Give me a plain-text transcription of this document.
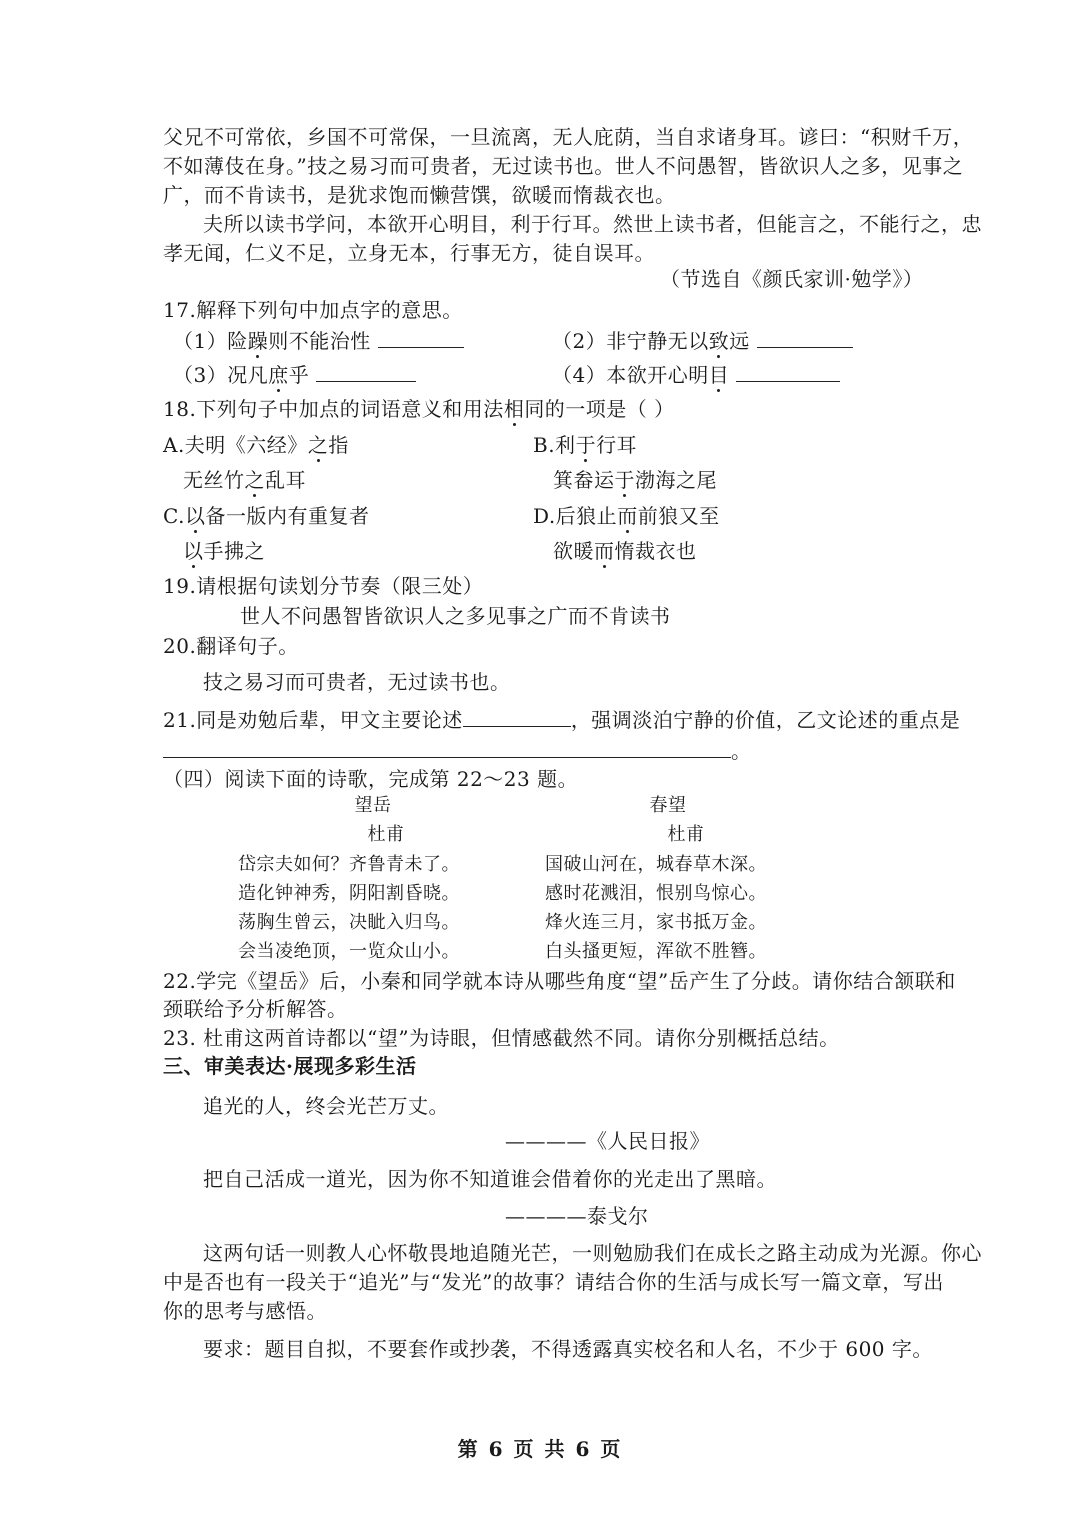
父兄不可常依，乡国不可常保，一旦流离，无人庇荫，当自求诸身耳。谚曰：“积财千万，
不如薄伎在身。”技之易习而可贵者，无过读书也。世人不问愚智，皆欲识人之多，见事之
广，而不肯读书，是犹求饱而懒营馔，欲暖而惰裁衣也。
夫所以读书学问，本欲开心明目，利于行耳。然世上读书者，但能言之，不能行之，忠
孝无闻，仁义不足，立身无本，行事无方，徒自误耳。
（节选自《颜氏家训·勉学》）
17.解释下列句中加点字的意思。
（1）险躁则不能治性	（2）非宁静无以致远
（3）况凡庶乎	（4）本欲开心明目
18.下列句子中加点的词语意义和用法相同的一项是（ ）
A.夫明《六经》之指
无丝竹之乱耳
B.利于行耳
箕畚运于渤海之尾
C.以备一版内有重复者
以手拂之
D.后狼止而前狼又至
欲暖而惰裁衣也
19.请根据句读划分节奏（限三处）
世人不问愚智皆欲识人之多见事之广而不肯读书
20.翻译句子。
技之易习而可贵者，无过读书也。
21.同是劝勉后辈，甲文主要论述	，强调淡泊宁静的价值，乙文论述的重点是
。
（四）阅读下面的诗歌，完成第 22～23 题。
望岳
杜甫
岱宗夫如何？齐鲁青未了。
造化钟神秀，阴阳割昏晓。
荡胸生曾云，决眦入归鸟。
会当凌绝顶，一览众山小。
春望
杜甫
国破山河在，城春草木深。
感时花溅泪，恨别鸟惊心。
烽火连三月，家书抵万金。
白头搔更短，浑欲不胜簪。
22.学完《望岳》后，小秦和同学就本诗从哪些角度“望”岳产生了分歧。请你结合颔联和
颈联给予分析解答。
23. 杜甫这两首诗都以“望”为诗眼，但情感截然不同。请你分别概括总结。
三、审美表达·展现多彩生活
追光的人，终会光芒万丈。
————《人民日报》
把自己活成一道光，因为你不知道谁会借着你的光走出了黑暗。
————泰戈尔
这两句话一则教人心怀敬畏地追随光芒，一则勉励我们在成长之路主动成为光源。你心
中是否也有一段关于“追光”与“发光”的故事？请结合你的生活与成长写一篇文章，写出
你的思考与感悟。
要求：题目自拟，不要套作或抄袭，不得透露真实校名和人名，不少于 600 字。
第 6 页 共 6 页
